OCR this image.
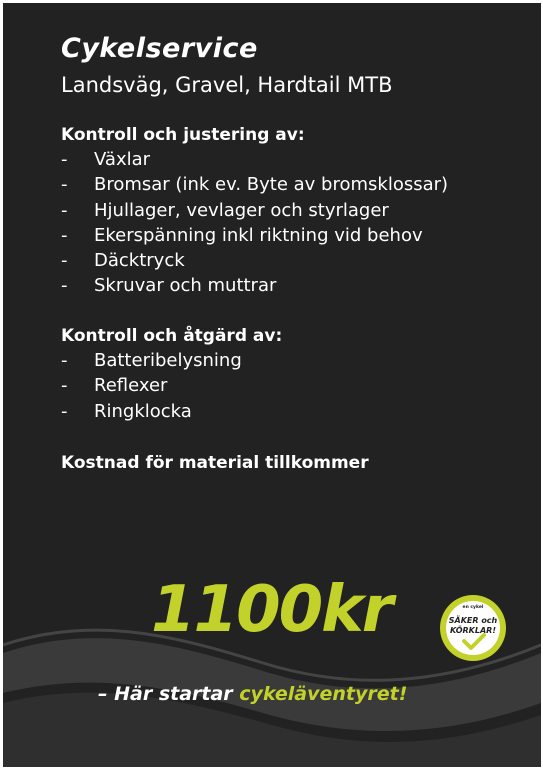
Cykelservice
Landsväg, Gravel, Hardtail MTB
Kontroll och justering av:
-	Växlar
-	Bromsar (ink ev. Byte av bromsklossar)
-	Hjullager, vevlager och styrlager
-	Ekerspänning inkl riktning vid behov
-	Däcktryck
-	Skruvar och muttrar
Kontroll och åtgärd av:
-	Batteribelysning
-	Reflexer
-	Ringklocka
Kostnad för material tillkommer

1100kr	en cykel
SÄKER och
KÖRKLAR!

– Här startar cykeläventyret!
